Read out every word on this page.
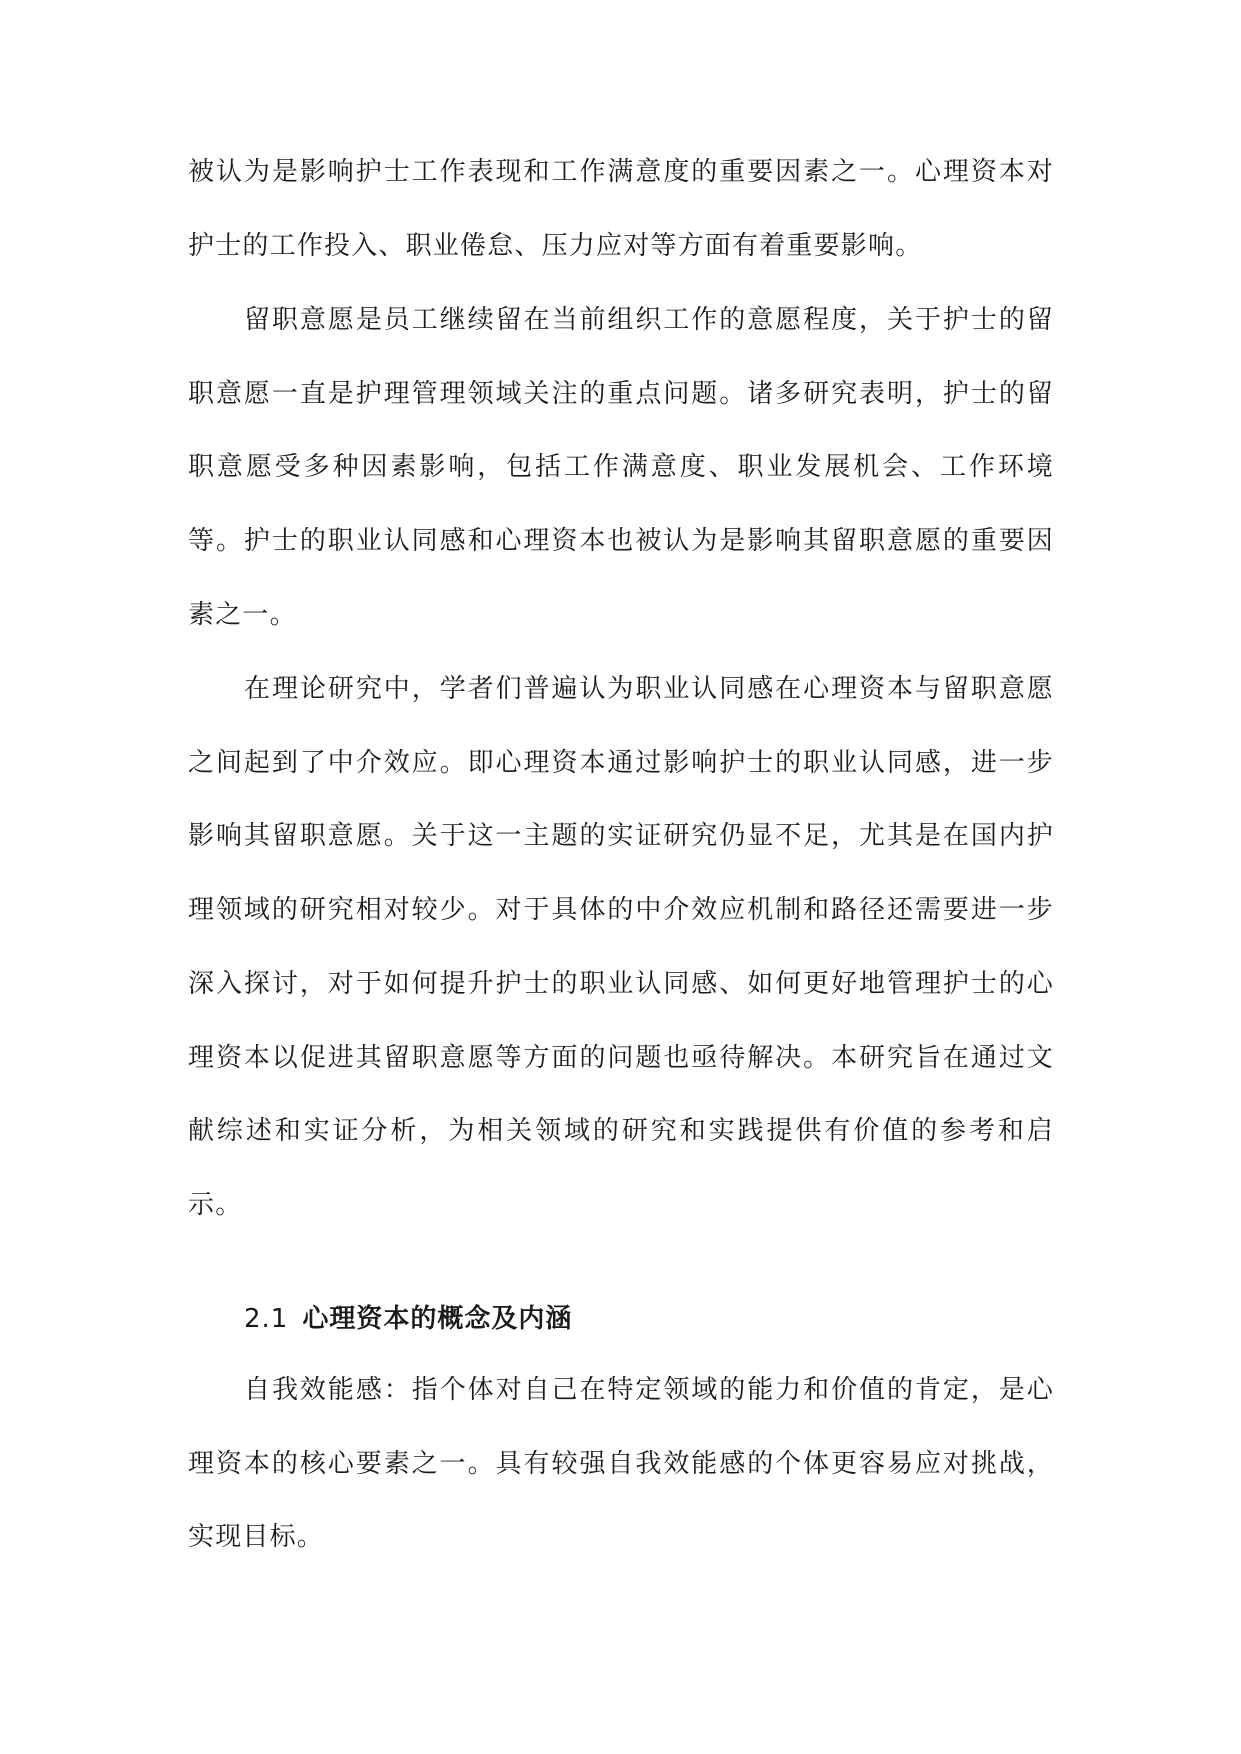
被认为是影响护士工作表现和工作满意度的重要因素之一。心理资本对护士的工作投入、职业倦怠、压力应对等方面有着重要影响。

留职意愿是员工继续留在当前组织工作的意愿程度，关于护士的留职意愿一直是护理管理领域关注的重点问题。诸多研究表明，护士的留职意愿受多种因素影响，包括工作满意度、职业发展机会、工作环境等。护士的职业认同感和心理资本也被认为是影响其留职意愿的重要因素之一。

在理论研究中，学者们普遍认为职业认同感在心理资本与留职意愿之间起到了中介效应。即心理资本通过影响护士的职业认同感，进一步影响其留职意愿。关于这一主题的实证研究仍显不足，尤其是在国内护理领域的研究相对较少。对于具体的中介效应机制和路径还需要进一步深入探讨，对于如何提升护士的职业认同感、如何更好地管理护士的心理资本以促进其留职意愿等方面的问题也亟待解决。本研究旨在通过文献综述和实证分析，为相关领域的研究和实践提供有价值的参考和启示。

2.1 心理资本的概念及内涵

自我效能感：指个体对自己在特定领域的能力和价值的肯定，是心理资本的核心要素之一。具有较强自我效能感的个体更容易应对挑战，实现目标。
